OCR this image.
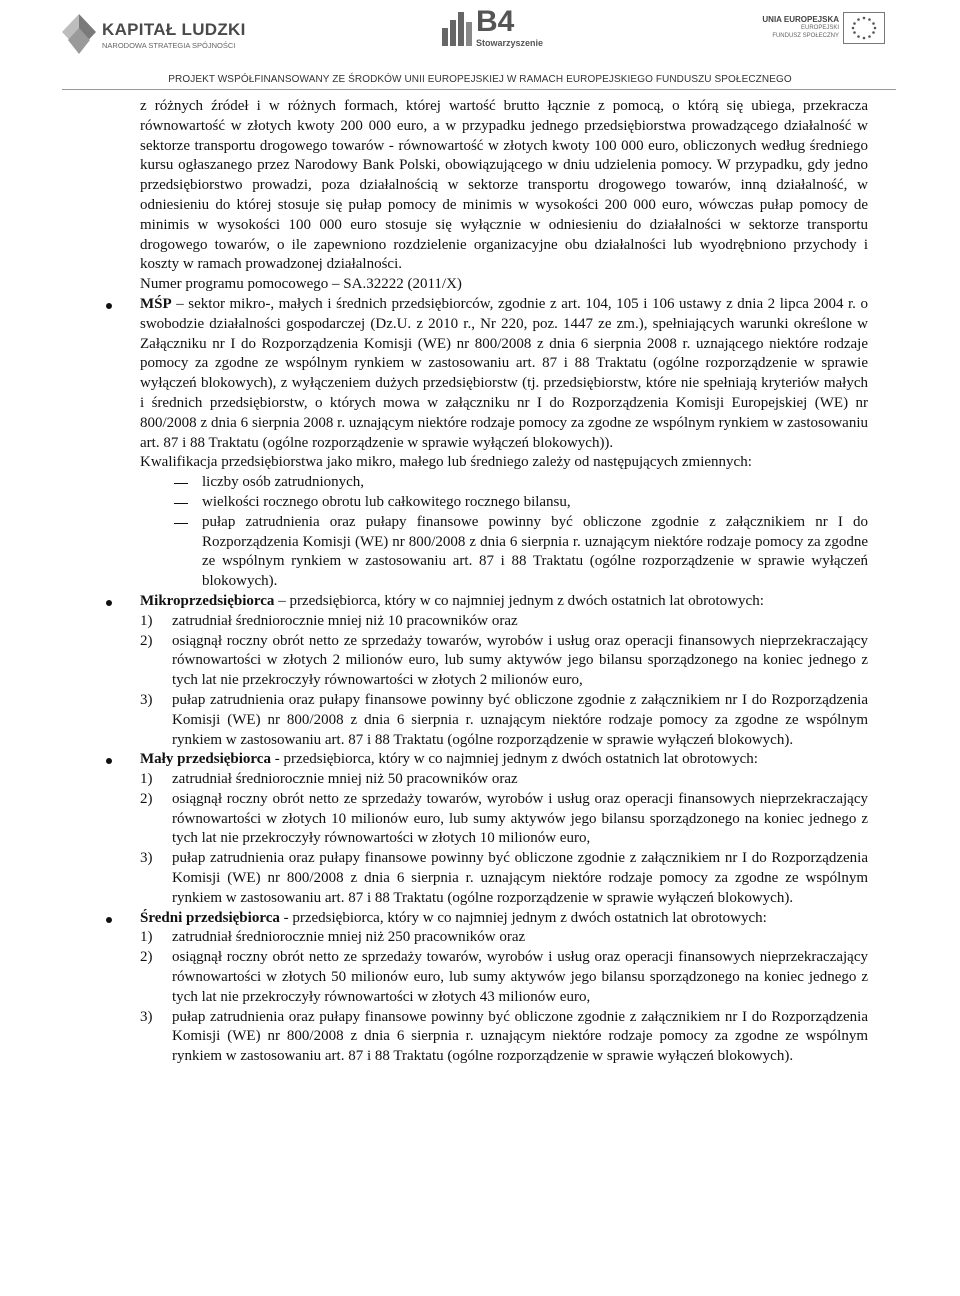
KAPITAŁ LUDZKI
NARODOWA STRATEGIA SPÓJNOŚCI
B4
Stowarzyszenie
UNIA EUROPEJSKA
EUROPEJSKI
FUNDUSZ SPOŁECZNY
PROJEKT WSPÓŁFINANSOWANY ZE ŚRODKÓW UNII EUROPEJSKIEJ W RAMACH EUROPEJSKIEGO FUNDUSZU SPOŁECZNEGO

z różnych źródeł i w różnych formach, której wartość brutto łącznie z pomocą, o którą się ubiega, przekracza równowartość w złotych kwoty 200 000 euro, a w przypadku jednego przedsiębiorstwa prowadzącego działalność w sektorze transportu drogowego towarów - równowartość w złotych kwoty 100 000 euro, obliczonych według średniego kursu ogłaszanego przez Narodowy Bank Polski, obowiązującego w dniu udzielenia pomocy. W przypadku, gdy jedno przedsiębiorstwo prowadzi, poza działalnością w sektorze transportu drogowego towarów, inną działalność, w odniesieniu do której stosuje się pułap pomocy de minimis w wysokości 200 000 euro, wówczas pułap pomocy de minimis w wysokości 100 000 euro stosuje się wyłącznie w odniesieniu do działalności w sektorze transportu drogowego towarów, o ile zapewniono rozdzielenie organizacyjne obu działalności lub wyodrębniono przychody i koszty w ramach prowadzonej działalności.

Numer programu pomocowego – SA.32222 (2011/X)

MŚP – sektor mikro-, małych i średnich przedsiębiorców, zgodnie z art. 104, 105 i 106 ustawy z dnia 2 lipca 2004 r. o swobodzie działalności gospodarczej (Dz.U. z 2010 r., Nr 220, poz. 1447 ze zm.), spełniających warunki określone w Załączniku nr I do Rozporządzenia Komisji (WE) nr 800/2008 z dnia 6 sierpnia 2008 r. uznającego niektóre rodzaje pomocy za zgodne ze wspólnym rynkiem w zastosowaniu art. 87 i 88 Traktatu (ogólne rozporządzenie w sprawie wyłączeń blokowych), z wyłączeniem dużych przedsiębiorstw (tj. przedsiębiorstw, które nie spełniają kryteriów małych i średnich przedsiębiorstw, o których mowa w załączniku nr I do Rozporządzenia Komisji Europejskiej (WE) nr 800/2008 z dnia 6 sierpnia 2008 r. uznającym niektóre rodzaje pomocy za zgodne ze wspólnym rynkiem w zastosowaniu art. 87 i 88 Traktatu (ogólne rozporządzenie w sprawie wyłączeń blokowych)).

Kwalifikacja przedsiębiorstwa jako mikro, małego lub średniego zależy od następujących zmiennych:

liczby osób zatrudnionych,

wielkości rocznego obrotu lub całkowitego rocznego bilansu,

pułap zatrudnienia oraz pułapy finansowe powinny być obliczone zgodnie z załącznikiem nr I do Rozporządzenia Komisji (WE) nr 800/2008 z dnia 6 sierpnia r. uznającym niektóre rodzaje pomocy za zgodne ze wspólnym rynkiem w zastosowaniu art. 87 i 88 Traktatu (ogólne rozporządzenie w sprawie wyłączeń blokowych).

Mikroprzedsiębiorca – przedsiębiorca, który w co najmniej jednym z dwóch ostatnich lat obrotowych:

1) zatrudniał średniorocznie mniej niż 10 pracowników oraz

2) osiągnął roczny obrót netto ze sprzedaży towarów, wyrobów i usług oraz operacji finansowych nieprzekraczający równowartości w złotych 2 milionów euro, lub sumy aktywów jego bilansu sporządzonego na koniec jednego z tych lat nie przekroczyły równowartości w złotych 2 milionów euro,

3) pułap zatrudnienia oraz pułapy finansowe powinny być obliczone zgodnie z załącznikiem nr I do Rozporządzenia Komisji (WE) nr 800/2008 z dnia 6 sierpnia r. uznającym niektóre rodzaje pomocy za zgodne ze wspólnym rynkiem w zastosowaniu art. 87 i 88 Traktatu (ogólne rozporządzenie w sprawie wyłączeń blokowych).

Mały przedsiębiorca - przedsiębiorca, który w co najmniej jednym z dwóch ostatnich lat obrotowych:

1) zatrudniał średniorocznie mniej niż 50 pracowników oraz

2) osiągnął roczny obrót netto ze sprzedaży towarów, wyrobów i usług oraz operacji finansowych nieprzekraczający równowartości w złotych 10 milionów euro, lub sumy aktywów jego bilansu sporządzonego na koniec jednego z tych lat nie przekroczyły równowartości w złotych 10 milionów euro,

3) pułap zatrudnienia oraz pułapy finansowe powinny być obliczone zgodnie z załącznikiem nr I do Rozporządzenia Komisji (WE) nr 800/2008 z dnia 6 sierpnia r. uznającym niektóre rodzaje pomocy za zgodne ze wspólnym rynkiem w zastosowaniu art. 87 i 88 Traktatu (ogólne rozporządzenie w sprawie wyłączeń blokowych).

Średni przedsiębiorca - przedsiębiorca, który w co najmniej jednym z dwóch ostatnich lat obrotowych:

1) zatrudniał średniorocznie mniej niż 250 pracowników oraz

2) osiągnął roczny obrót netto ze sprzedaży towarów, wyrobów i usług oraz operacji finansowych nieprzekraczający równowartości w złotych 50 milionów euro, lub sumy aktywów jego bilansu sporządzonego na koniec jednego z tych lat nie przekroczyły równowartości w złotych 43 milionów euro,

3) pułap zatrudnienia oraz pułapy finansowe powinny być obliczone zgodnie z załącznikiem nr I do Rozporządzenia Komisji (WE) nr 800/2008 z dnia 6 sierpnia r. uznającym niektóre rodzaje pomocy za zgodne ze wspólnym rynkiem w zastosowaniu art. 87 i 88 Traktatu (ogólne rozporządzenie w sprawie wyłączeń blokowych).
